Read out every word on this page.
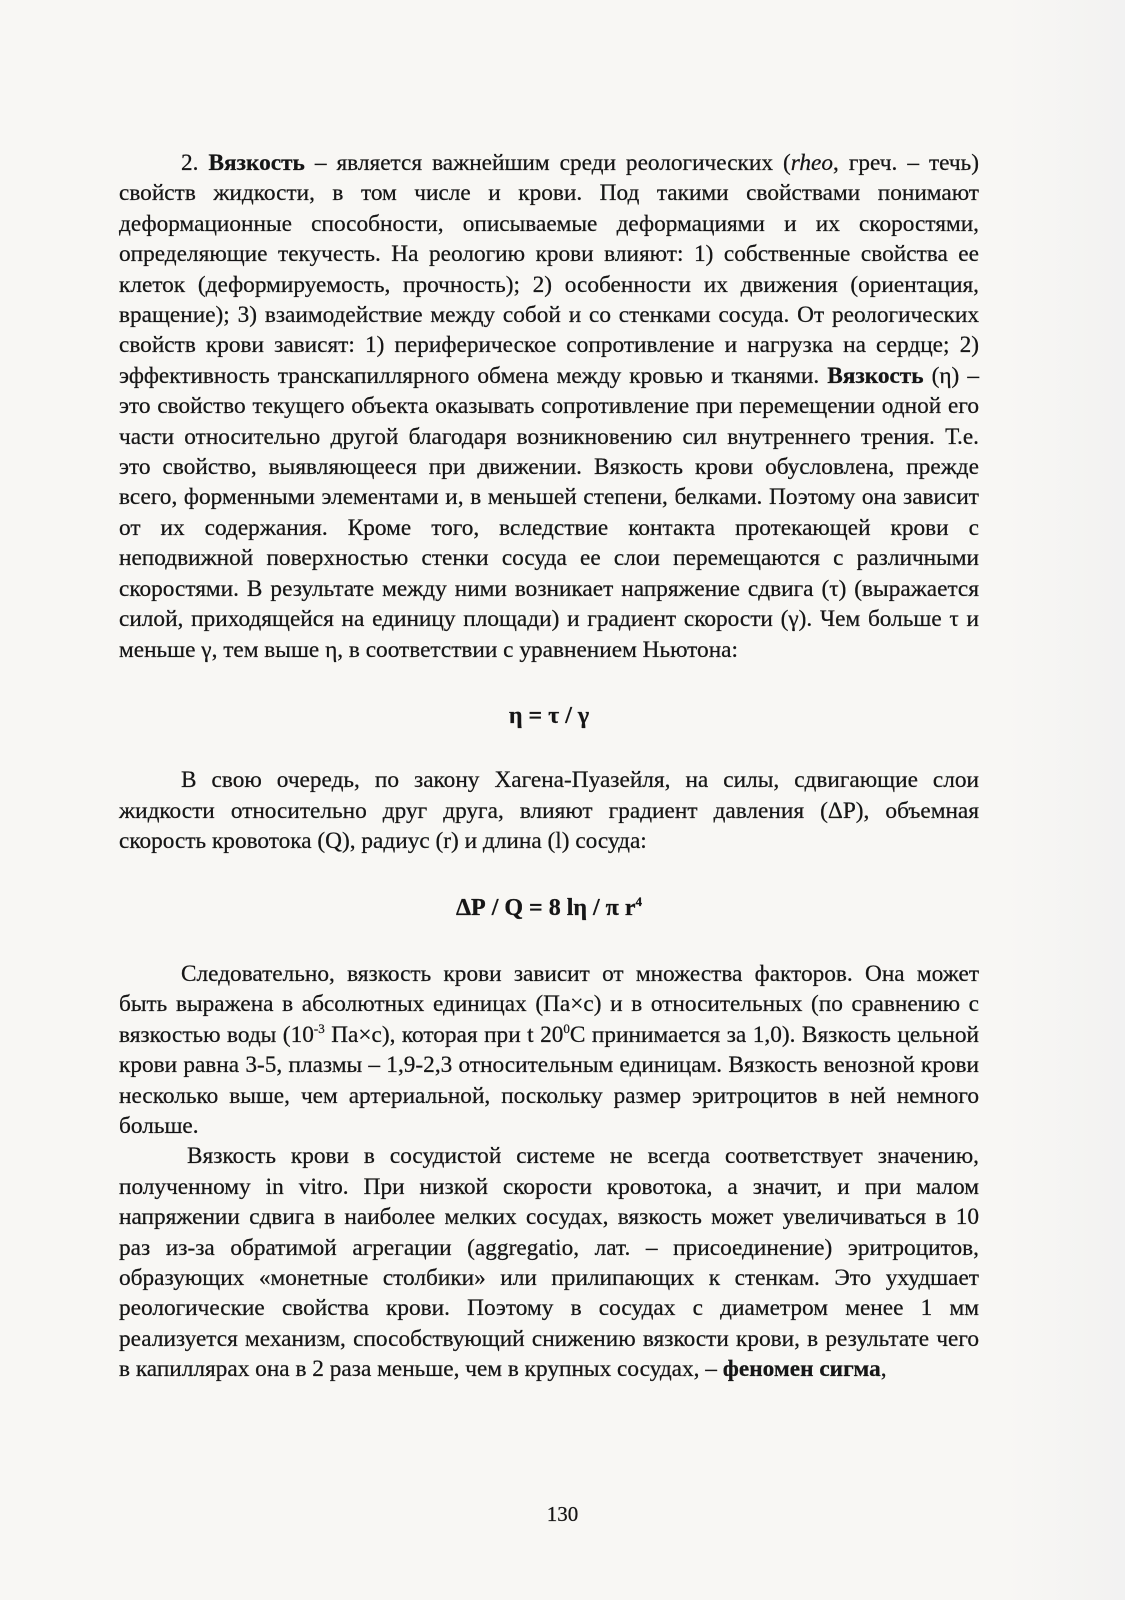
2. Вязкость – является важнейшим среди реологических (rheo, греч. – течь) свойств жидкости, в том числе и крови. Под такими свойствами понимают деформационные способности, описываемые деформациями и их скоростями, определяющие текучесть. На реологию крови влияют: 1) собственные свойства ее клеток (деформируемость, прочность); 2) особенности их движения (ориентация, вращение); 3) взаимодействие между собой и со стенками сосуда. От реологических свойств крови зависят: 1) периферическое сопротивление и нагрузка на сердце; 2) эффективность транскапиллярного обмена между кровью и тканями. Вязкость (η) – это свойство текущего объекта оказывать сопротивление при перемещении одной его части относительно другой благодаря возникновению сил внутреннего трения. Т.е. это свойство, выявляющееся при движении. Вязкость крови обусловлена, прежде всего, форменными элементами и, в меньшей степени, белками. Поэтому она зависит от их содержания. Кроме того, вследствие контакта протекающей крови с неподвижной поверхностью стенки сосуда ее слои перемещаются с различными скоростями. В результате между ними возникает напряжение сдвига (τ) (выражается силой, приходящейся на единицу площади) и градиент скорости (γ). Чем больше τ и меньше γ, тем выше η, в соответствии с уравнением Ньютона:

η = τ / γ

В свою очередь, по закону Хагена-Пуазейля, на силы, сдвигающие слои жидкости относительно друг друга, влияют градиент давления (ΔР), объемная скорость кровотока (Q), радиус (r) и длина (l) сосуда:

ΔР / Q = 8 lη / π $r^4$

Следовательно, вязкость крови зависит от множества факторов. Она может быть выражена в абсолютных единицах (Па×с) и в относительных (по сравнению с вязкостью воды ($10^{-3}$ Па×с), которая при t $20^0C$ принимается за 1,0). Вязкость цельной крови равна 3-5, плазмы – 1,9-2,3 относительным единицам. Вязкость венозной крови несколько выше, чем артериальной, поскольку размер эритроцитов в ней немного больше.

Вязкость крови в сосудистой системе не всегда соответствует значению, полученному in vitro. При низкой скорости кровотока, а значит, и при малом напряжении сдвига в наиболее мелких сосудах, вязкость может увеличиваться в 10 раз из-за обратимой агрегации (aggregatio, лат. – присоединение) эритроцитов, образующих «монетные столбики» или прилипающих к стенкам. Это ухудшает реологические свойства крови. Поэтому в сосудах с диаметром менее 1 мм реализуется механизм, способствующий снижению вязкости крови, в результате чего в капиллярах она в 2 раза меньше, чем в крупных сосудах, – феномен сигма,

130
